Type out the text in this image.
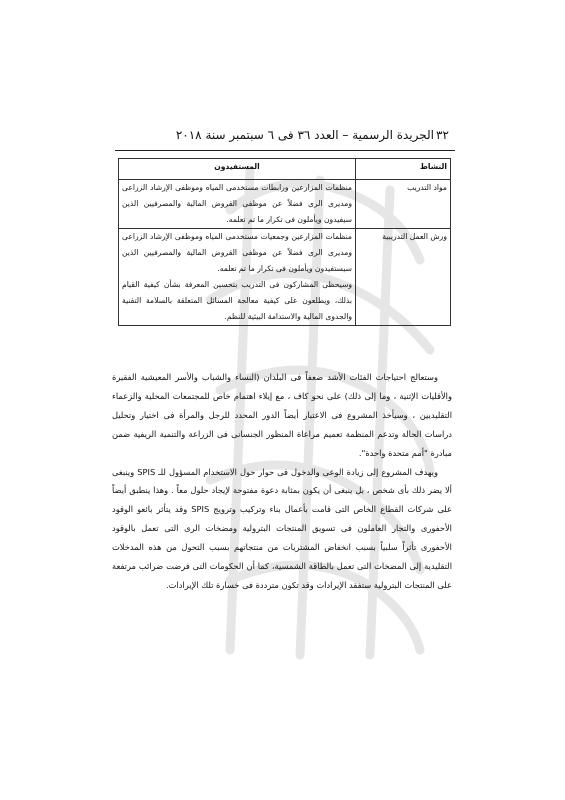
٣٢
الجريدة الرسمية – العدد ٣٦ فى ٦ سبتمبر سنة ٢٠١٨
النشاط	المستفيدون
مواد التدريب	منظمات المزارعين ورابطات مستخدمى المياه وموظفى الإرشاد الزراعى ومديرى الرى فضلاً عن موظفى القروض المالية والمصرفيين الذين سيفيدون ويأملون فى تكرار ما تم تعلمه.

ورش العمل التدريبية	منظمات المزارعين وجمعيات مستخدمى المياه وموظفى الإرشاد الزراعى ومديرى الرى فضلاً عن موظفى القروض المالية والمصرفيين الذين سيستفيدون ويأملون فى تكرار ما تم تعلمه.

وسيحظى المشاركون فى التدريب بتحسين المعرفة بشأن كيفية القيام بذلك، ويطلعون على كيفية معالجة المسائل المتعلقة بالسلامة التقنية والجدوى المالية والاستدامة البيئية للنظم.

وستعالج احتياجات الفئات الأشد ضعفاً فى البلدان (النساء والشباب والأسر المعيشية الفقيرة والأقليات الإثنية ، وما إلى ذلك) على نحو كاف ، مع إيلاء اهتمام خاص للمجتمعات المحلية والزعماء التقليديين ، وسيأخذ المشروع فى الاعتبار أيضاً الدور المحدد للرجل والمرأة فى اختيار وتحليل دراسات الحالة وتدعم المنظمة تعميم مراعاة المنظور الجنسانى فى الزراعة والتنمية الريفية ضمن مبادرة "أمم متحدة واحدة".

ويهدف المشروع إلى زيادة الوعى والدخول فى حوار حول الاستخدام المسؤول للـ SPIS وينبغى ألا يضر ذلك بأى شخص ، بل ينبغى أن يكون بمثابة دعوة مفتوحة لإيجاد حلول معاً . وهذا ينطبق أيضاً على شركات القطاع الخاص التى قامت بأعمال بناء وتركيب وترويج SPIS وقد يتأثر بائعو الوقود الأحفورى والتجار العاملون فى تسويق المنتجات البترولية ومضخات الرى التى تعمل بالوقود الأحفورى تأثراً سلبياً بسبب انخفاض المشتريات من منتجاتهم بسبب التحول من هذه المدخلات التقليدية إلى المضخات التى تعمل بالطاقة الشمسية، كما أن الحكومات التى فرضت ضرائب مرتفعة على المنتجات البترولية ستفقد الإيرادات وقد تكون مترددة فى خسارة تلك الإيرادات.
